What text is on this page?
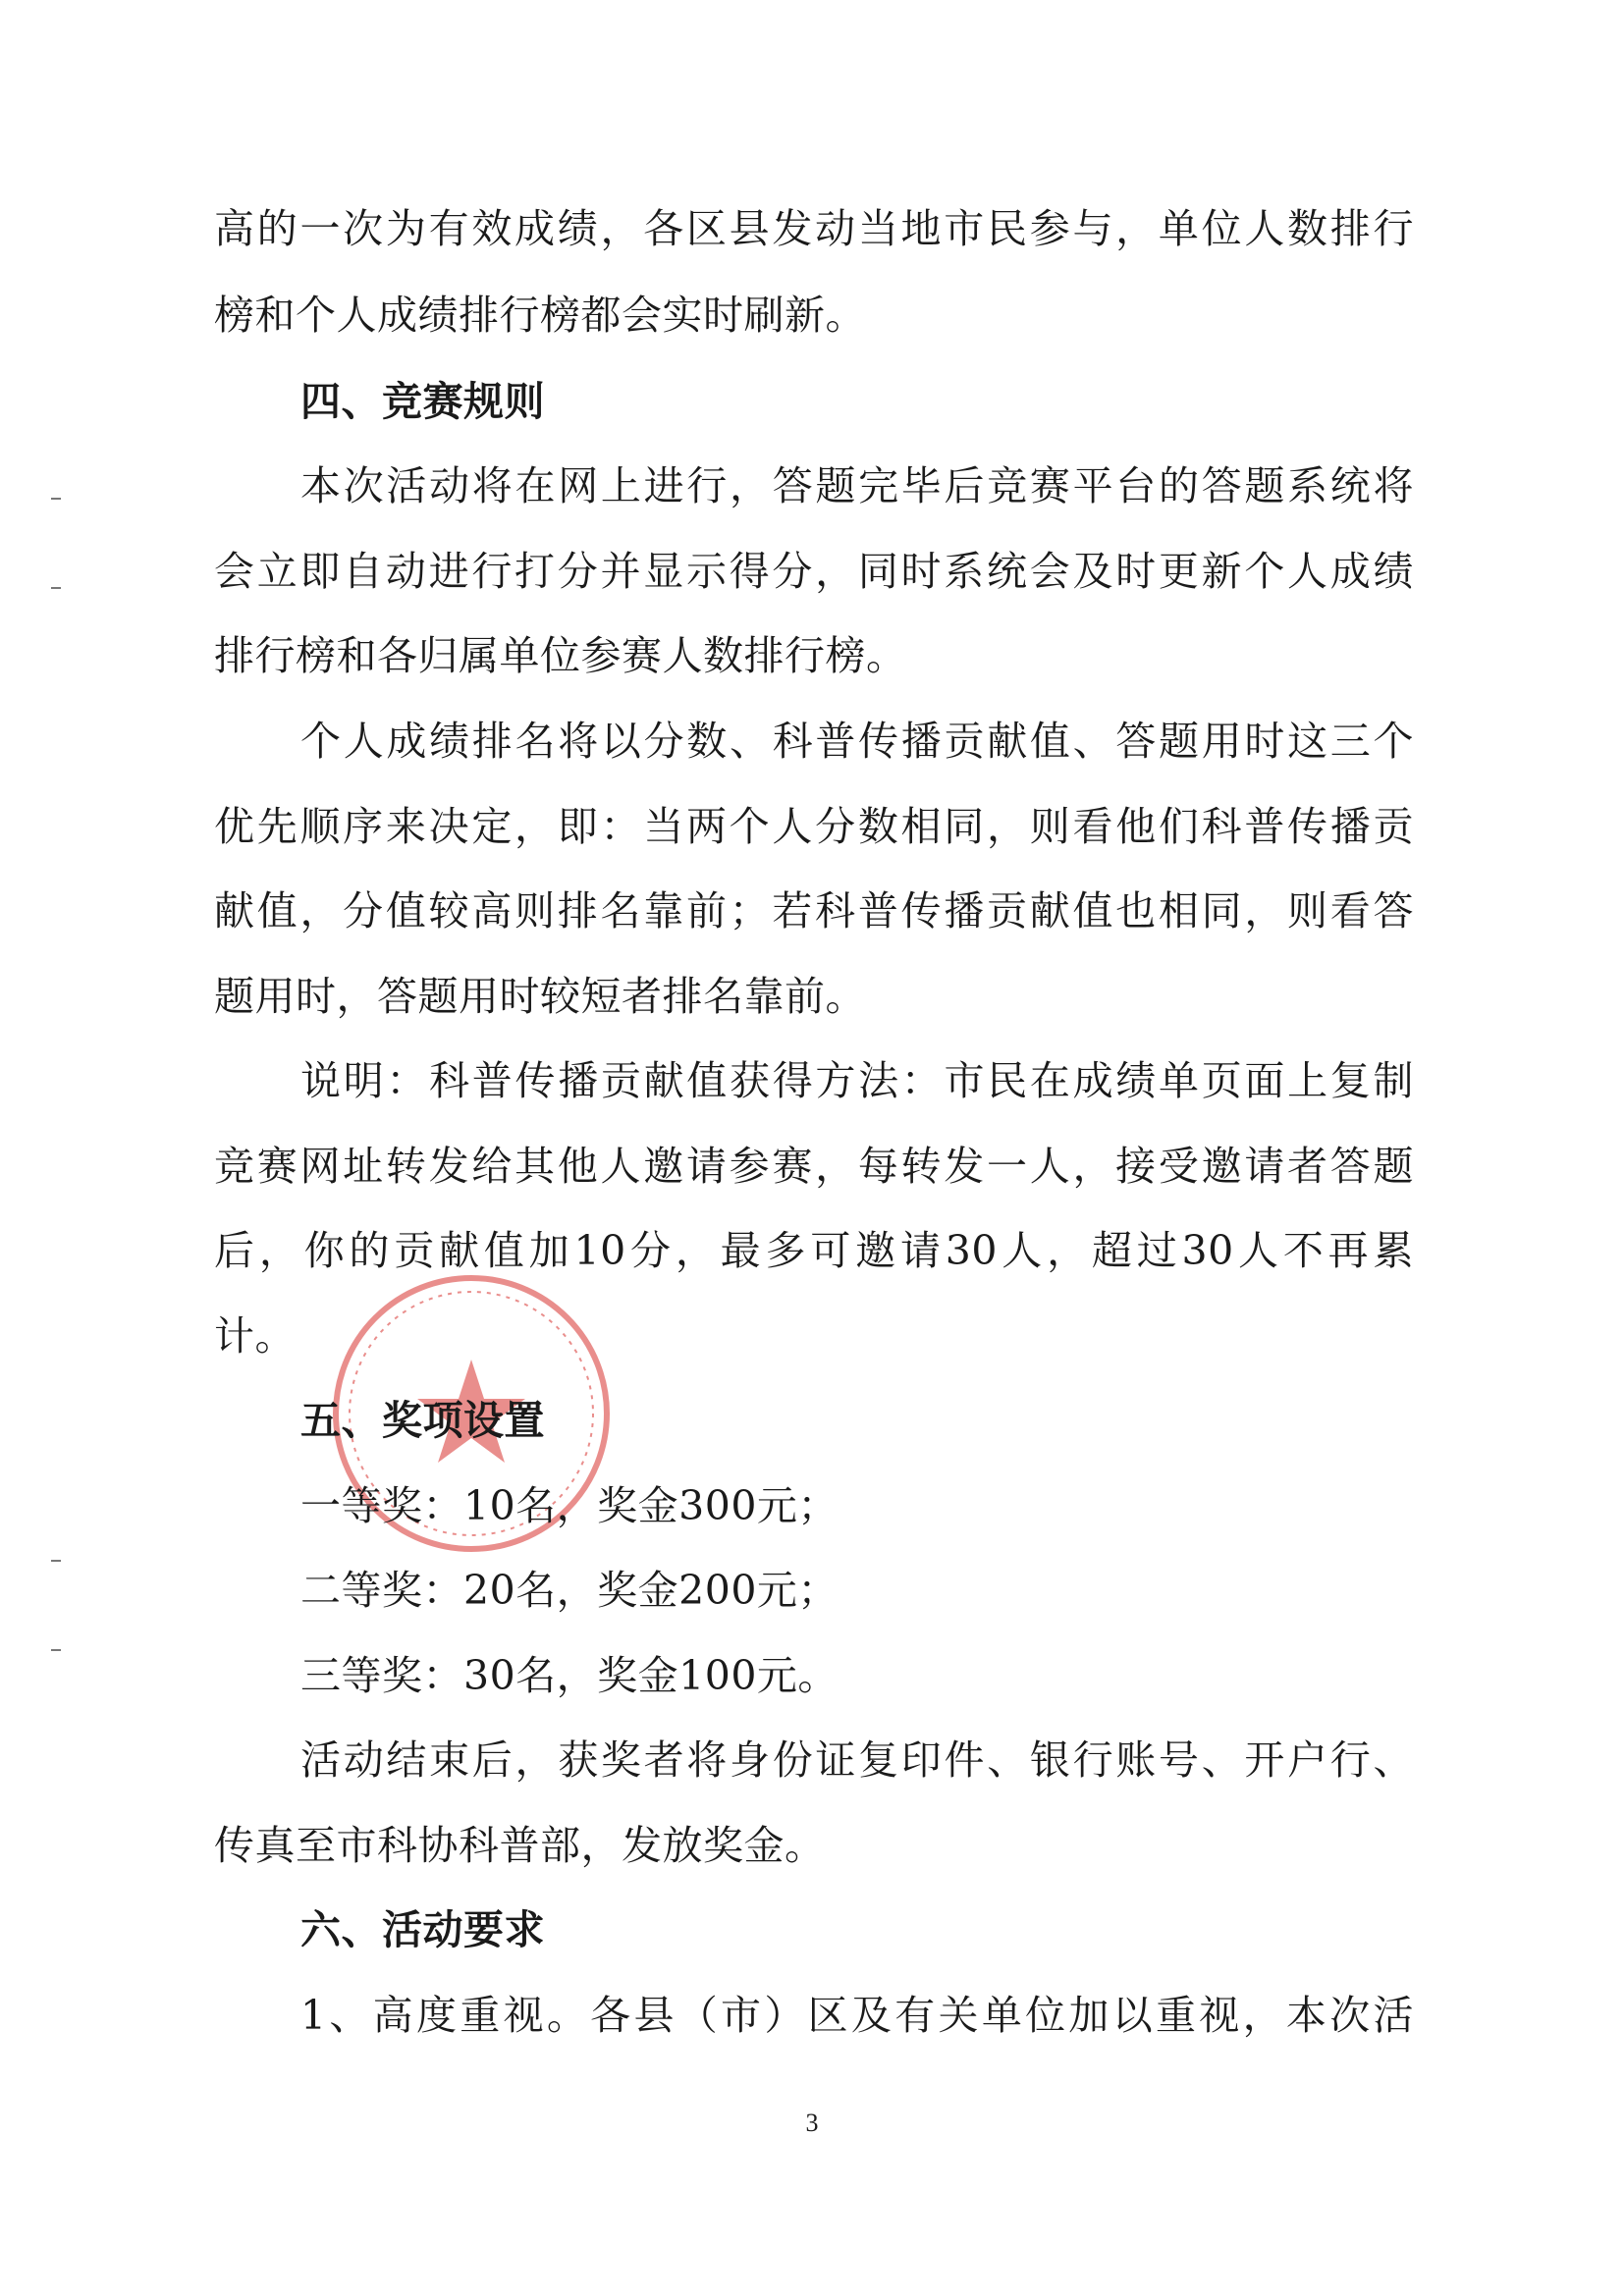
高的一次为有效成绩，各区县发动当地市民参与，单位人数排行
榜和个人成绩排行榜都会实时刷新。
四、竞赛规则
本次活动将在网上进行，答题完毕后竞赛平台的答题系统将
会立即自动进行打分并显示得分，同时系统会及时更新个人成绩
排行榜和各归属单位参赛人数排行榜。
个人成绩排名将以分数、科普传播贡献值、答题用时这三个
优先顺序来决定，即：当两个人分数相同，则看他们科普传播贡
献值，分值较高则排名靠前；若科普传播贡献值也相同，则看答
题用时，答题用时较短者排名靠前。
说明：科普传播贡献值获得方法：市民在成绩单页面上复制
竞赛网址转发给其他人邀请参赛，每转发一人，接受邀请者答题
后，你的贡献值加10分，最多可邀请30人，超过30人不再累
计。
五、奖项设置
一等奖：10名，奖金300元；
二等奖：20名，奖金200元；
三等奖：30名，奖金100元。
活动结束后，获奖者将身份证复印件、银行账号、开户行、
传真至市科协科普部，发放奖金。
六、活动要求
1、高度重视。各县（市）区及有关单位加以重视，本次活
3
